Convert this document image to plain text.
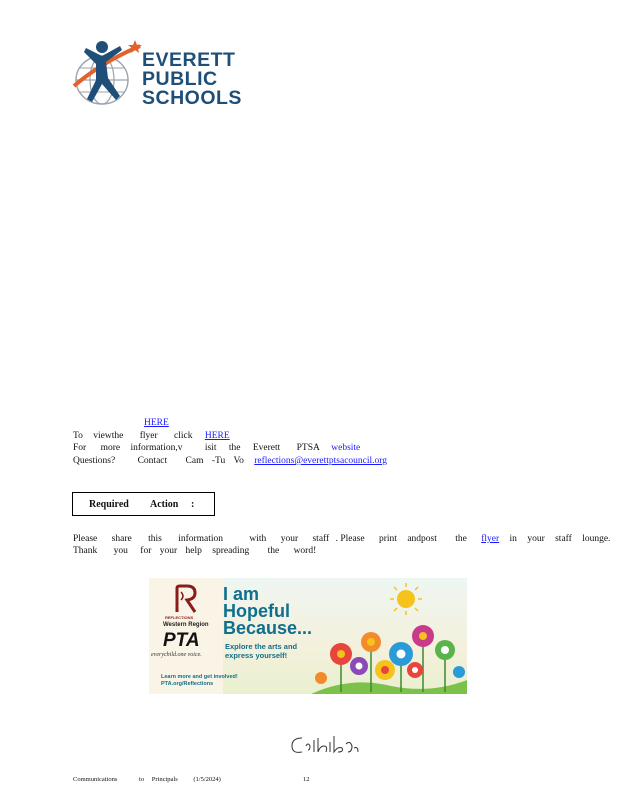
EVERETT
PUBLIC
SCHOOLS
HERE
To viewthe flyer click HERE
For more information,v isit the Everett PTSA website
Questions? Contact Cam -Tu Vo reflections@everettptsacouncil.org
Required Action :
Please share this information	with your staff . Please print andpost the flyer in your staff lounge.
Thank you for your help spreading the word!
REFLECTIONS
Western Region
PTA
everychild.one voice.
I am
Hopeful
Because...
Explore the arts and
express yourself!
Learn more and get involved!
PTA.org/Reflections
Communications	to Principals (1/5/2024)	12
